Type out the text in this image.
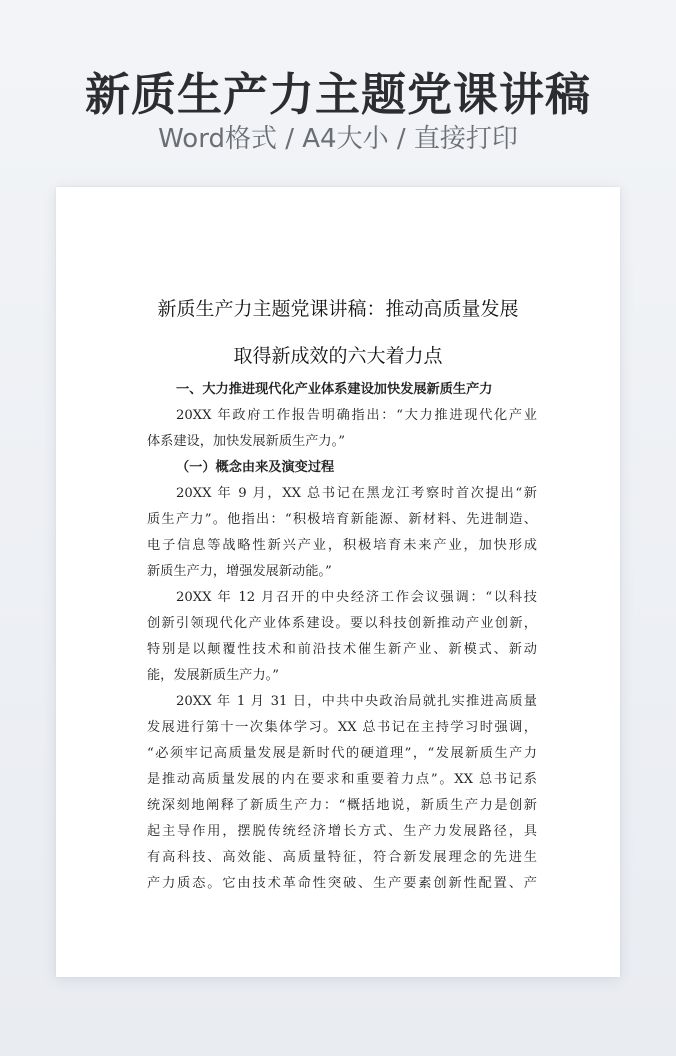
新质生产力主题党课讲稿
Word格式 / A4大小 / 直接打印
新质生产力主题党课讲稿：推动高质量发展
取得新成效的六大着力点
一、大力推进现代化产业体系建设加快发展新质生产力
20XX 年政府工作报告明确指出：“大力推进现代化产业
体系建设，加快发展新质生产力。”
（一）概念由来及演变过程
20XX 年 9 月，XX 总书记在黑龙江考察时首次提出“新
质生产力”。他指出：“积极培育新能源、新材料、先进制造、
电子信息等战略性新兴产业，积极培育未来产业，加快形成
新质生产力，增强发展新动能。”
20XX 年 12 月召开的中央经济工作会议强调：“以科技
创新引领现代化产业体系建设。要以科技创新推动产业创新，
特别是以颠覆性技术和前沿技术催生新产业、新模式、新动
能，发展新质生产力。”
20XX 年 1 月 31 日，中共中央政治局就扎实推进高质量
发展进行第十一次集体学习。XX 总书记在主持学习时强调，
“必须牢记高质量发展是新时代的硬道理”，“发展新质生产力
是推动高质量发展的内在要求和重要着力点”。XX 总书记系
统深刻地阐释了新质生产力：“概括地说，新质生产力是创新
起主导作用，摆脱传统经济增长方式、生产力发展路径，具
有高科技、高效能、高质量特征，符合新发展理念的先进生
产力质态。它由技术革命性突破、生产要素创新性配置、产
